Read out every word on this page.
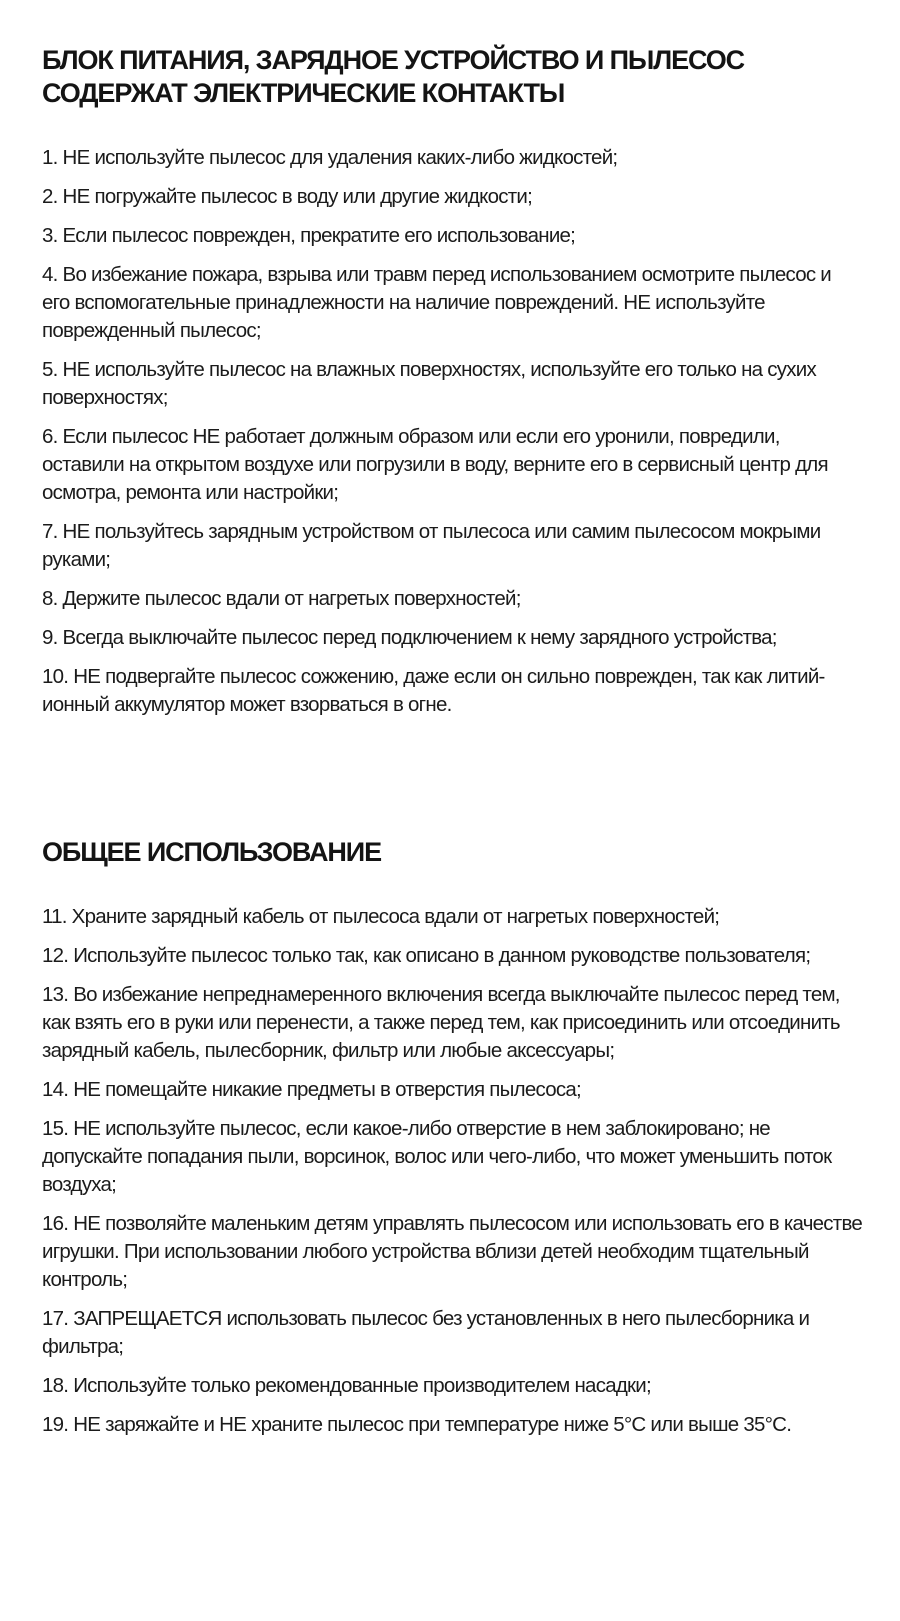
БЛОК ПИТАНИЯ, ЗАРЯДНОЕ УСТРОЙСТВО И ПЫЛЕСОС
СОДЕРЖАТ ЭЛЕКТРИЧЕСКИЕ КОНТАКТЫ
1. НЕ используйте пылесос для удаления каких-либо жидкостей;
2. НЕ погружайте пылесос в воду или другие жидкости;
3. Если пылесос поврежден, прекратите его использование;
4. Во избежание пожара, взрыва или травм перед использованием осмотрите пылесос и его вспомогательные принадлежности на наличие повреждений. НЕ используйте поврежденный пылесос;
5. НЕ используйте пылесос на влажных поверхностях, используйте его только на сухих поверхностях;
6. Если пылесос НЕ работает должным образом или если его уронили, повредили, оставили на открытом воздухе или погрузили в воду, верните его в сервисный центр для осмотра, ремонта или настройки;
7. НЕ пользуйтесь зарядным устройством от пылесоса или самим пылесосом мокрыми руками;
8. Держите пылесос вдали от нагретых поверхностей;
9. Всегда выключайте пылесос перед подключением к нему зарядного устройства;
10. НЕ подвергайте пылесос сожжению, даже если он сильно поврежден, так как литий-ионный аккумулятор может взорваться в огне.
ОБЩЕЕ ИСПОЛЬЗОВАНИЕ
11. Храните зарядный кабель от пылесоса вдали от нагретых поверхностей;
12. Используйте пылесос только так, как описано в данном руководстве пользователя;
13. Во избежание непреднамеренного включения всегда выключайте пылесос перед тем, как взять его в руки или перенести, а также перед тем, как присоединить или отсоединить зарядный кабель, пылесборник, фильтр или любые аксессуары;
14. НЕ помещайте никакие предметы в отверстия пылесоса;
15. НЕ используйте пылесос, если какое-либо отверстие в нем заблокировано; не допускайте попадания пыли, ворсинок, волос или чего-либо, что может уменьшить поток воздуха;
16. НЕ позволяйте маленьким детям управлять пылесосом или использовать его в качестве игрушки. При использовании любого устройства вблизи детей необходим тщательный контроль;
17. ЗАПРЕЩАЕТСЯ использовать пылесос без установленных в него пылесборника и фильтра;
18. Используйте только рекомендованные производителем насадки;
19. НЕ заряжайте и НЕ храните пылесос при температуре ниже 5°С или выше 35°С.
